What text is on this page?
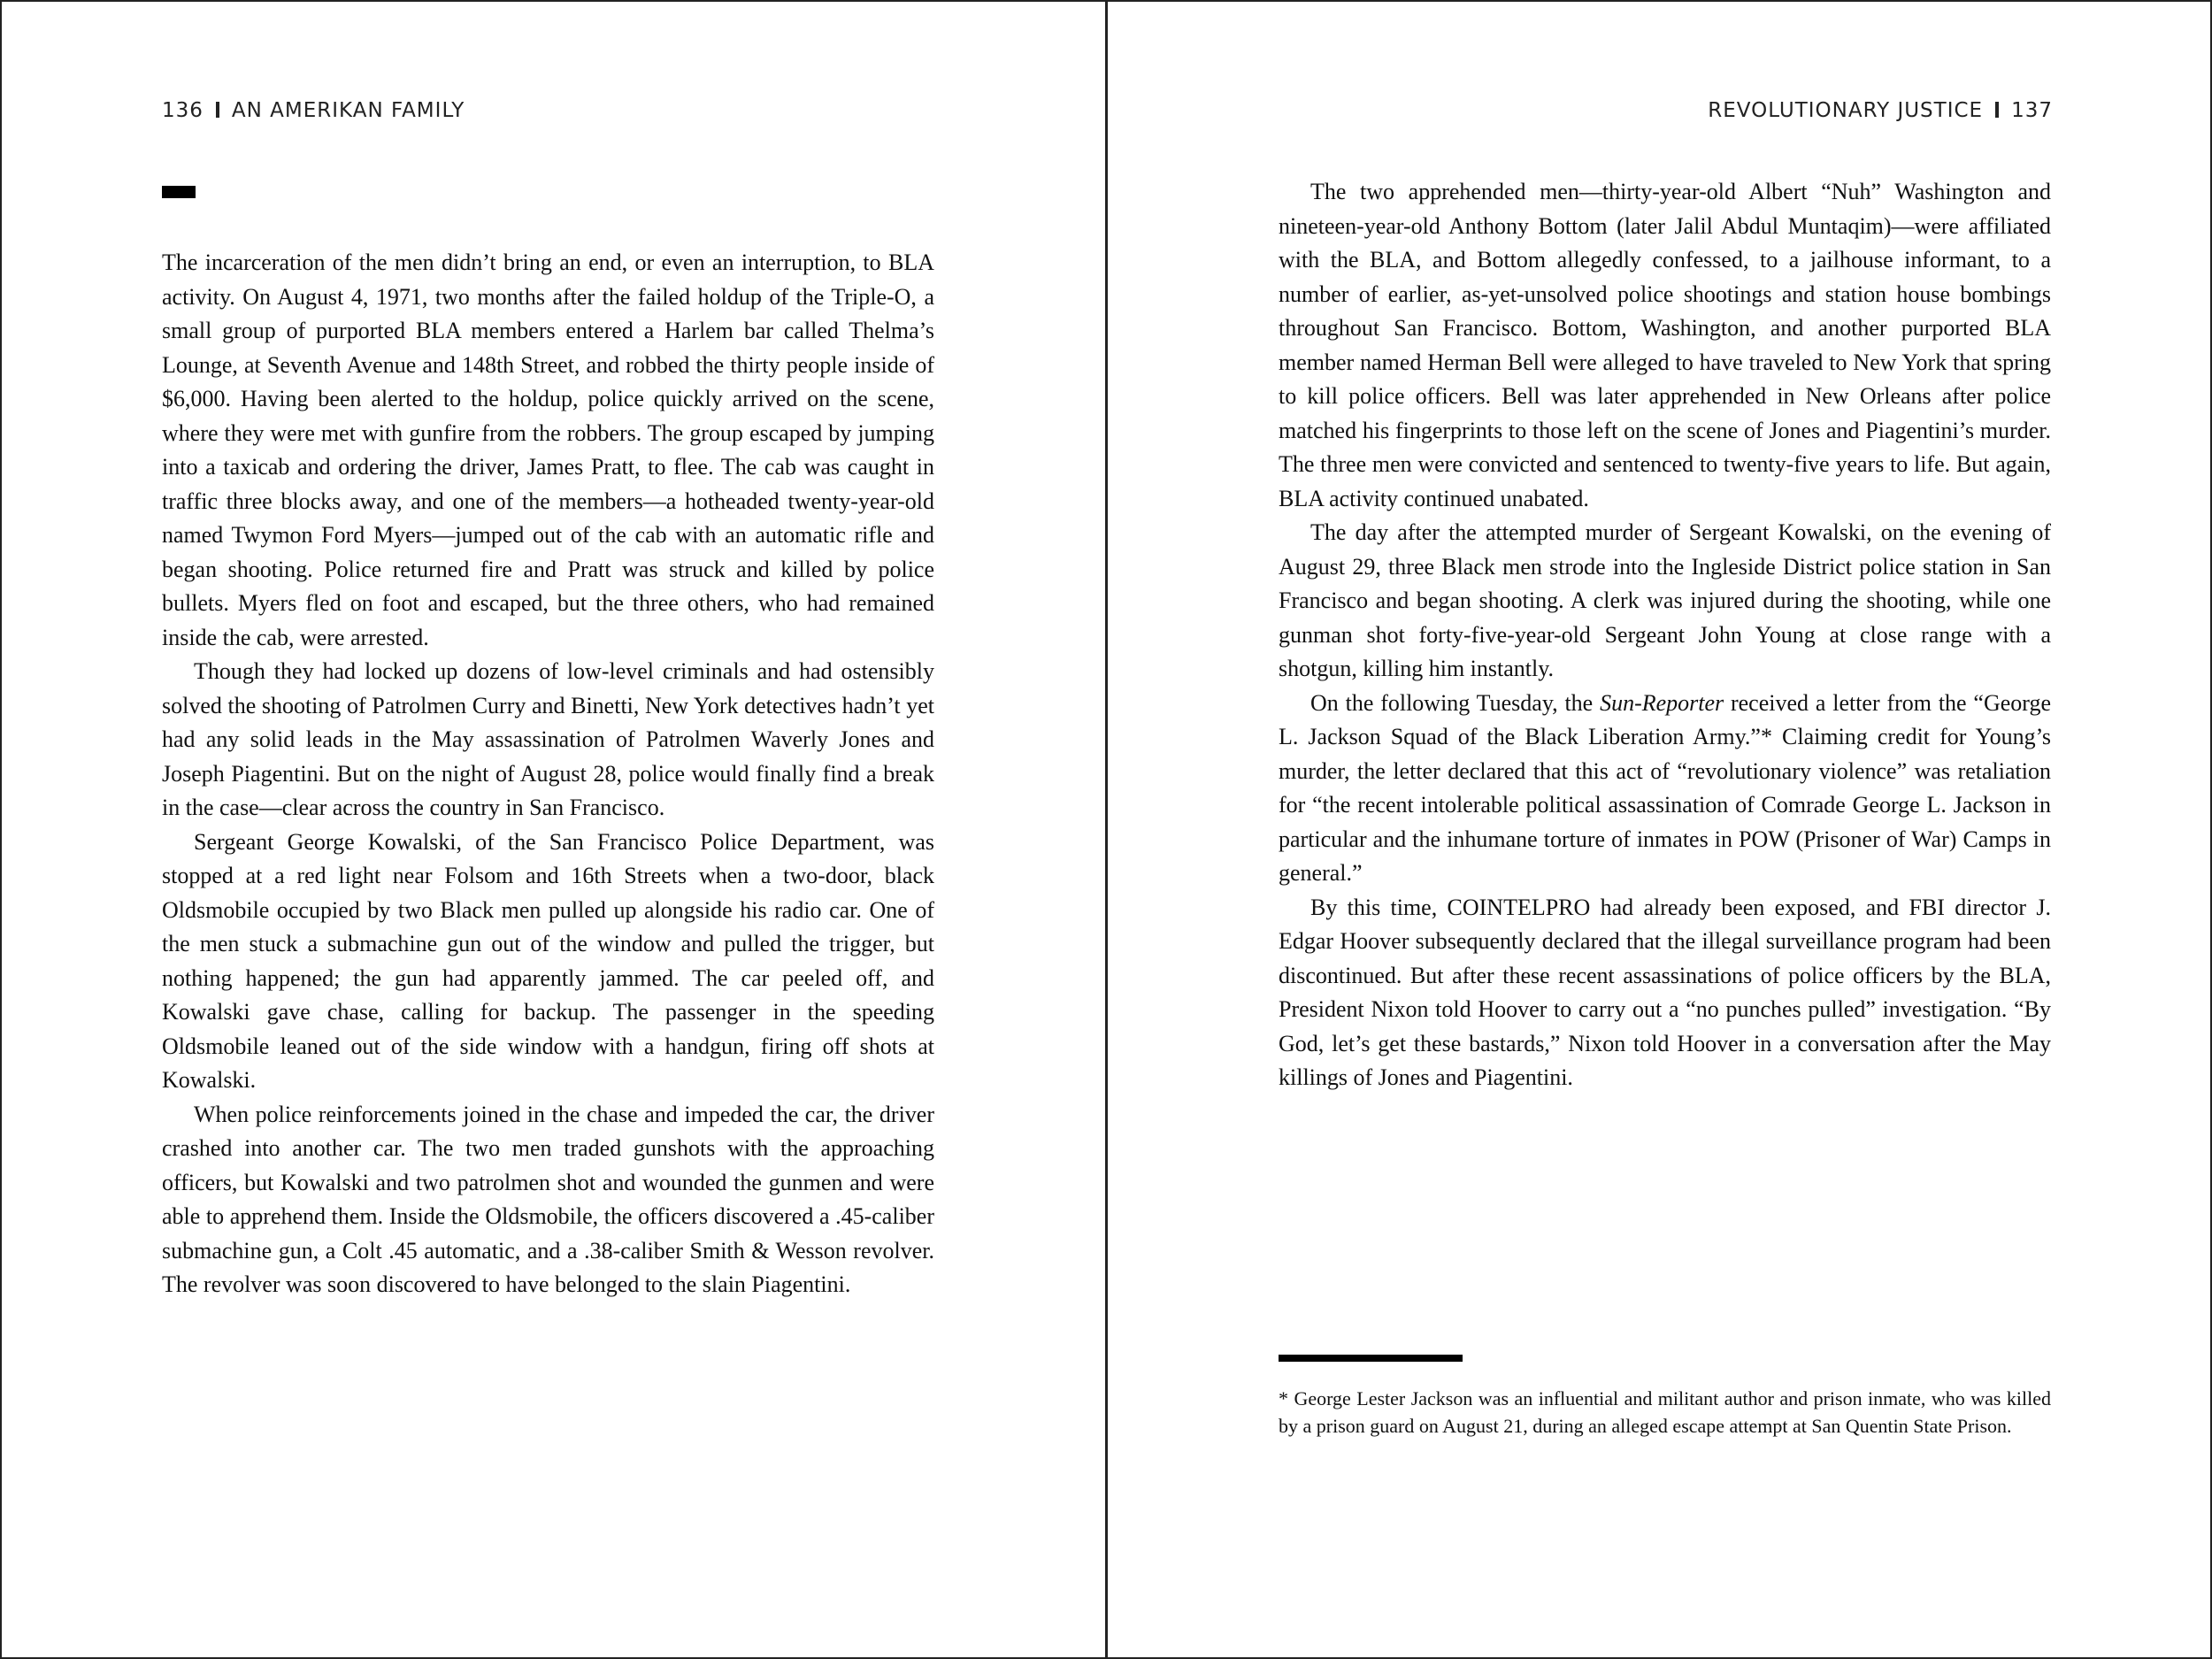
136 AN AMERIKAN FAMILY

The incarceration of the men didn’t bring an end, or even an interruption, to BLA activity. On August 4, 1971, two months after the failed holdup of the Triple-O, a small group of purported BLA members entered a Harlem bar called Thelma’s Lounge, at Seventh Avenue and 148th Street, and robbed the thirty people inside of $6,000. Having been alerted to the holdup, police quickly arrived on the scene, where they were met with gunfire from the robbers. The group escaped by jumping into a taxicab and ordering the driver, James Pratt, to flee. The cab was caught in traffic three blocks away, and one of the members—a hotheaded twenty-year-old named Twymon Ford Myers—jumped out of the cab with an automatic rifle and began shooting. Police returned fire and Pratt was struck and killed by police bullets. Myers fled on foot and escaped, but the three others, who had remained inside the cab, were arrested.

Though they had locked up dozens of low-level criminals and had ostensibly solved the shooting of Patrolmen Curry and Binetti, New York detectives hadn’t yet had any solid leads in the May assassination of Patrolmen Waverly Jones and Joseph Piagentini. But on the night of August 28, police would finally find a break in the case—clear across the country in San Francisco.

Sergeant George Kowalski, of the San Francisco Police Department, was stopped at a red light near Folsom and 16th Streets when a two-door, black Oldsmobile occupied by two Black men pulled up alongside his radio car. One of the men stuck a submachine gun out of the window and pulled the trigger, but nothing happened; the gun had apparently jammed. The car peeled off, and Kowalski gave chase, calling for backup. The passenger in the speeding Oldsmobile leaned out of the side window with a handgun, firing off shots at Kowalski.

When police reinforcements joined in the chase and impeded the car, the driver crashed into another car. The two men traded gunshots with the approaching officers, but Kowalski and two patrolmen shot and wounded the gunmen and were able to apprehend them. Inside the Oldsmobile, the officers discovered a .45-caliber submachine gun, a Colt .45 automatic, and a .38-caliber Smith & Wesson revolver. The revolver was soon discovered to have belonged to the slain Piagentini.

REVOLUTIONARY JUSTICE 137

The two apprehended men—thirty-year-old Albert “Nuh” Washington and nineteen-year-old Anthony Bottom (later Jalil Abdul Muntaqim)—were affiliated with the BLA, and Bottom allegedly confessed, to a jailhouse informant, to a number of earlier, as-yet-unsolved police shootings and station house bombings throughout San Francisco. Bottom, Washington, and another purported BLA member named Herman Bell were alleged to have traveled to New York that spring to kill police officers. Bell was later apprehended in New Orleans after police matched his fingerprints to those left on the scene of Jones and Piagentini’s murder. The three men were convicted and sentenced to twenty-five years to life. But again, BLA activity continued unabated.

The day after the attempted murder of Sergeant Kowalski, on the evening of August 29, three Black men strode into the Ingleside District police station in San Francisco and began shooting. A clerk was injured during the shooting, while one gunman shot forty-five-year-old Sergeant John Young at close range with a shotgun, killing him instantly.

On the following Tuesday, the Sun-Reporter received a letter from the “George L. Jackson Squad of the Black Liberation Army.”* Claiming credit for Young’s murder, the letter declared that this act of “revolutionary violence” was retaliation for “the recent intolerable political assassination of Comrade George L. Jackson in particular and the inhumane torture of inmates in POW (Prisoner of War) Camps in general.”

By this time, COINTELPRO had already been exposed, and FBI director J. Edgar Hoover subsequently declared that the illegal surveillance program had been discontinued. But after these recent assassinations of police officers by the BLA, President Nixon told Hoover to carry out a “no punches pulled” investigation. “By God, let’s get these bastards,” Nixon told Hoover in a conversation after the May killings of Jones and Piagentini.

* George Lester Jackson was an influential and militant author and prison inmate, who was killed by a prison guard on August 21, during an alleged escape attempt at San Quentin State Prison.
